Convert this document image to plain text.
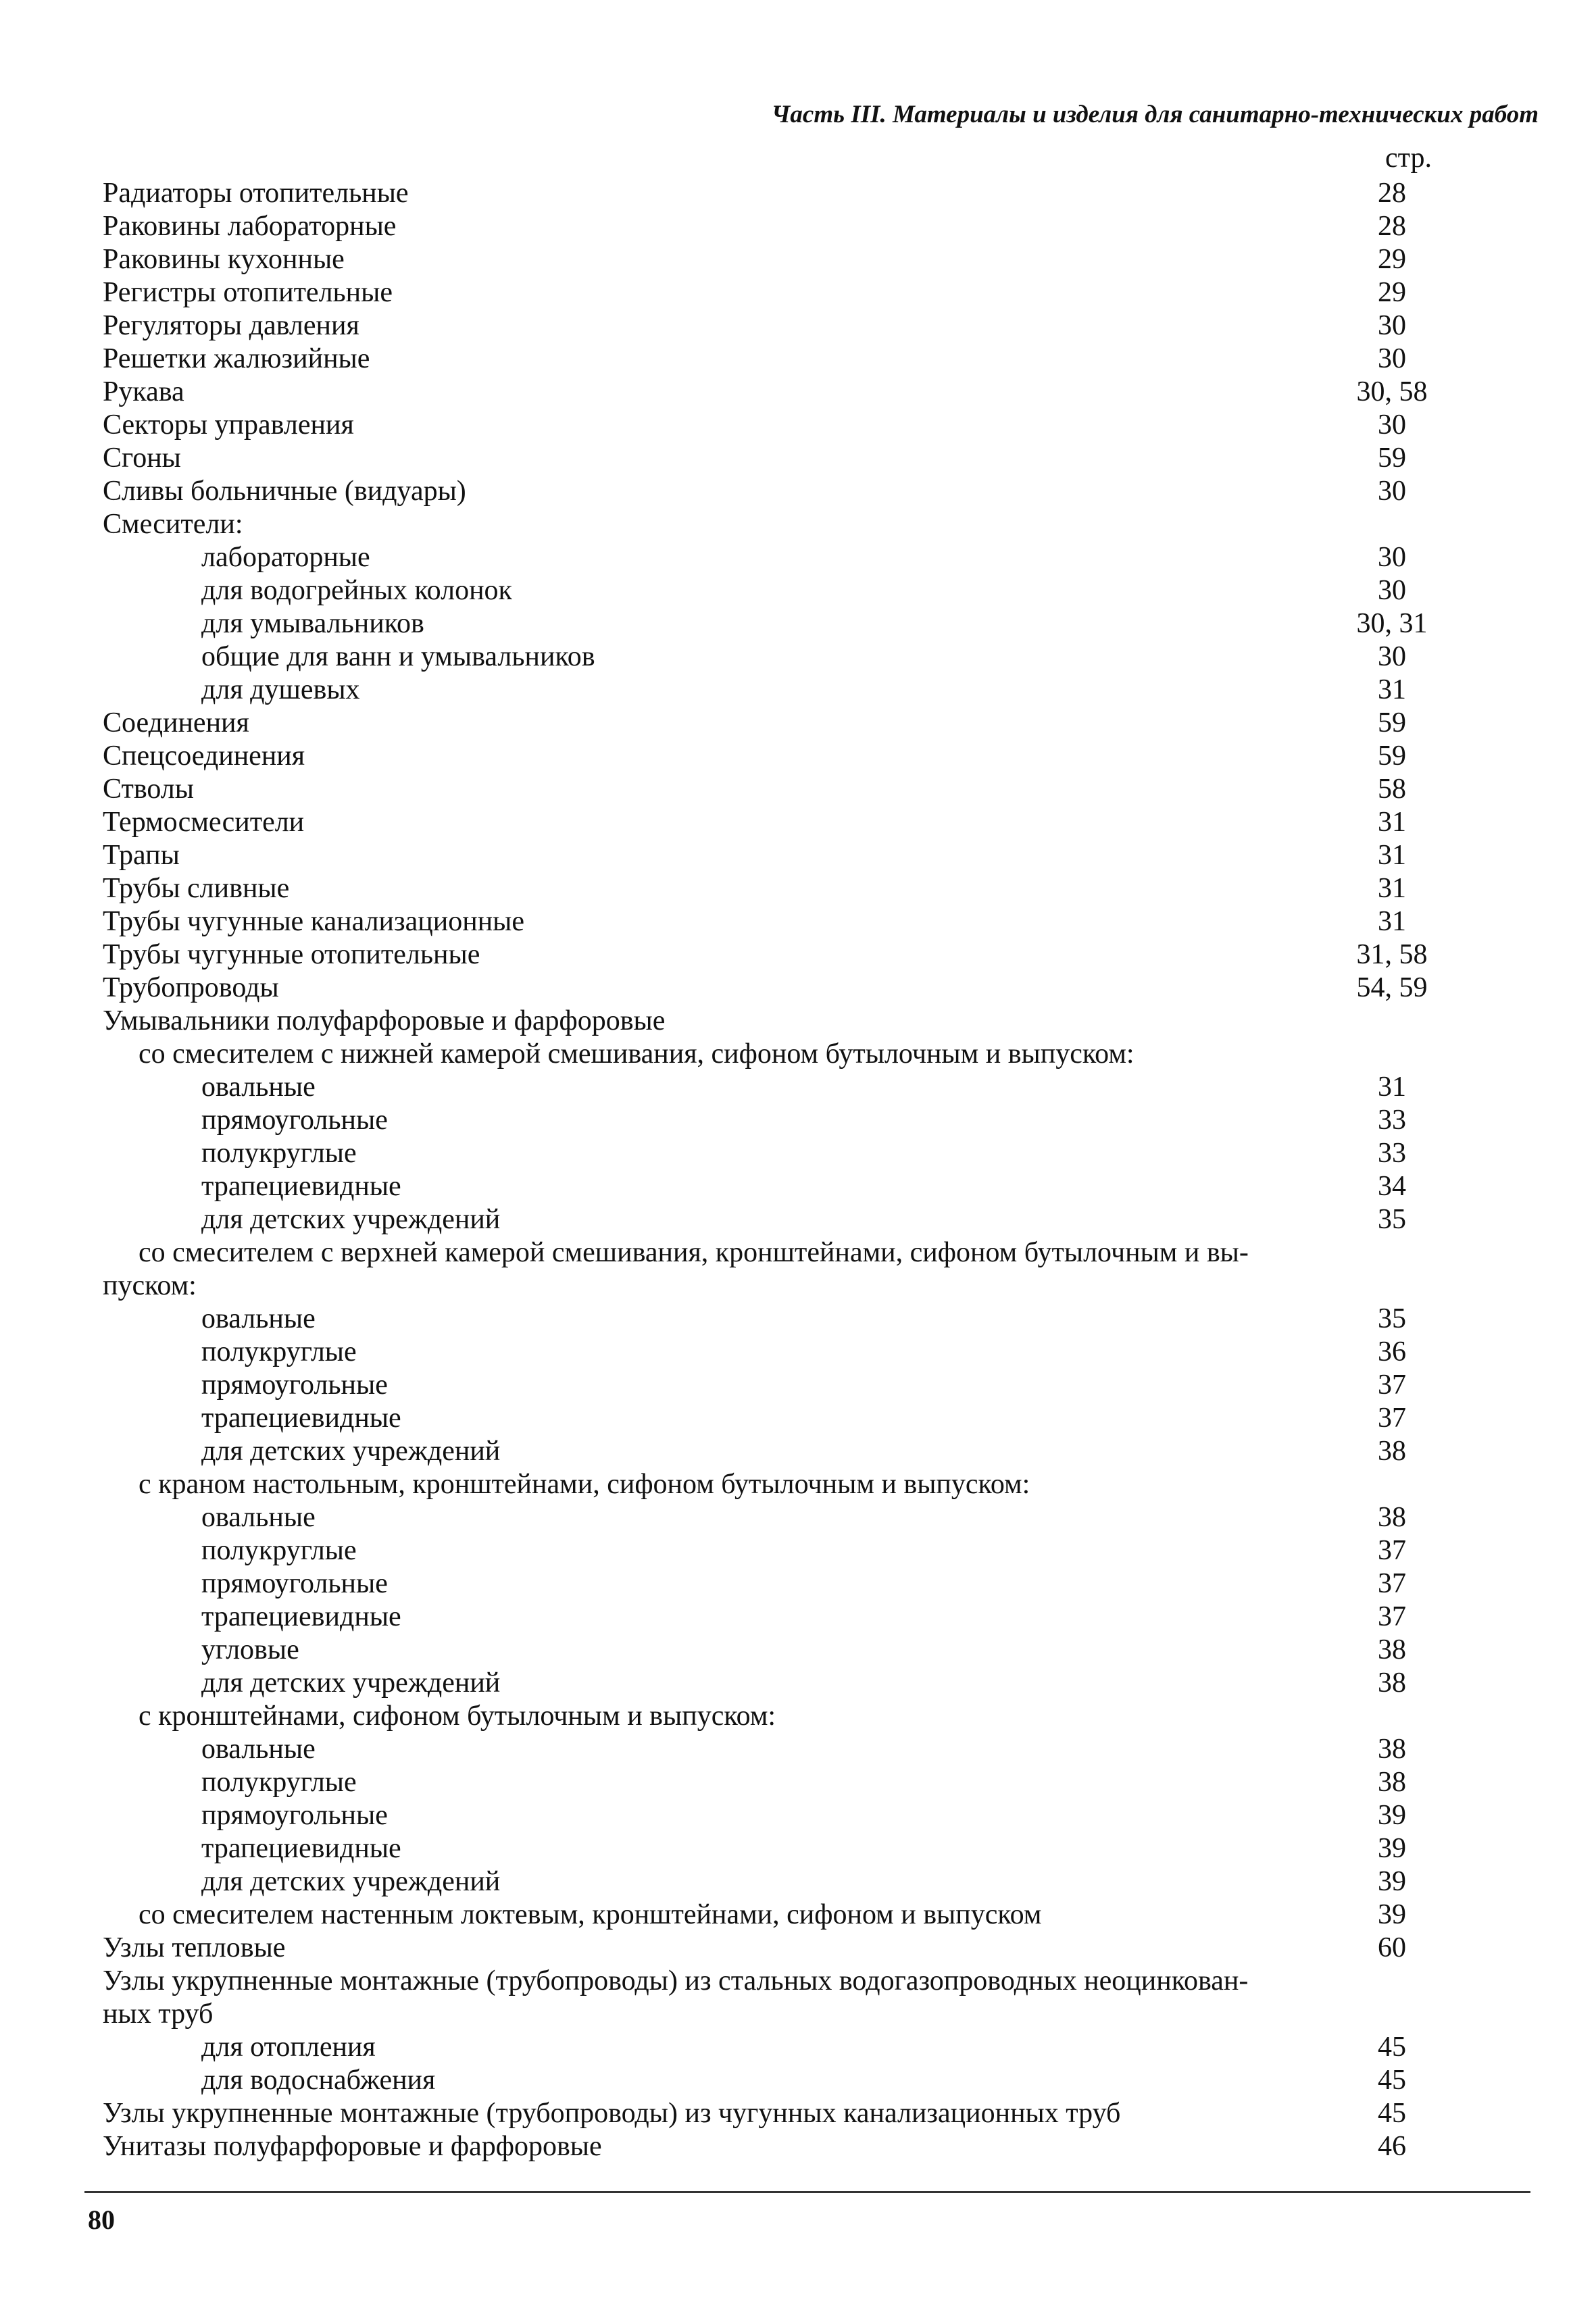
Часть III. Материалы и изделия для санитарно-технических работ
стр.
Радиаторы отопительные	28
Раковины лабораторные	28
Раковины кухонные	29
Регистры отопительные	29
Регуляторы давления	30
Решетки жалюзийные	30
Рукава	30, 58
Секторы управления	30
Сгоны	59
Сливы больничные (видуары)	30
Смесители:
лабораторные	30
для водогрейных колонок	30
для умывальников	30, 31
общие для ванн и умывальников	30
для душевых	31
Соединения	59
Спецсоединения	59
Стволы	58
Термосмесители	31
Трапы	31
Трубы сливные	31
Трубы чугунные канализационные	31
Трубы чугунные отопительные	31, 58
Трубопроводы	54, 59
Умывальники полуфарфоровые и фарфоровые
со смесителем с нижней камерой смешивания, сифоном бутылочным и выпуском:
овальные	31
прямоугольные	33
полукруглые	33
трапециевидные	34
для детских учреждений	35
со смесителем с верхней камерой смешивания, кронштейнами, сифоном бутылочным и вы-
пуском:
овальные	35
полукруглые	36
прямоугольные	37
трапециевидные	37
для детских учреждений	38
с краном настольным, кронштейнами, сифоном бутылочным и выпуском:
овальные	38
полукруглые	37
прямоугольные	37
трапециевидные	37
угловые	38
для детских учреждений	38
с кронштейнами, сифоном бутылочным и выпуском:
овальные	38
полукруглые	38
прямоугольные	39
трапециевидные	39
для детских учреждений	39
со смесителем настенным локтевым, кронштейнами, сифоном и выпуском	39
Узлы тепловые	60
Узлы укрупненные монтажные (трубопроводы) из стальных водогазопроводных неоцинкован-
ных труб
для отопления	45
для водоснабжения	45
Узлы укрупненные монтажные (трубопроводы) из чугунных канализационных труб	45
Унитазы полуфарфоровые и фарфоровые	46
80
